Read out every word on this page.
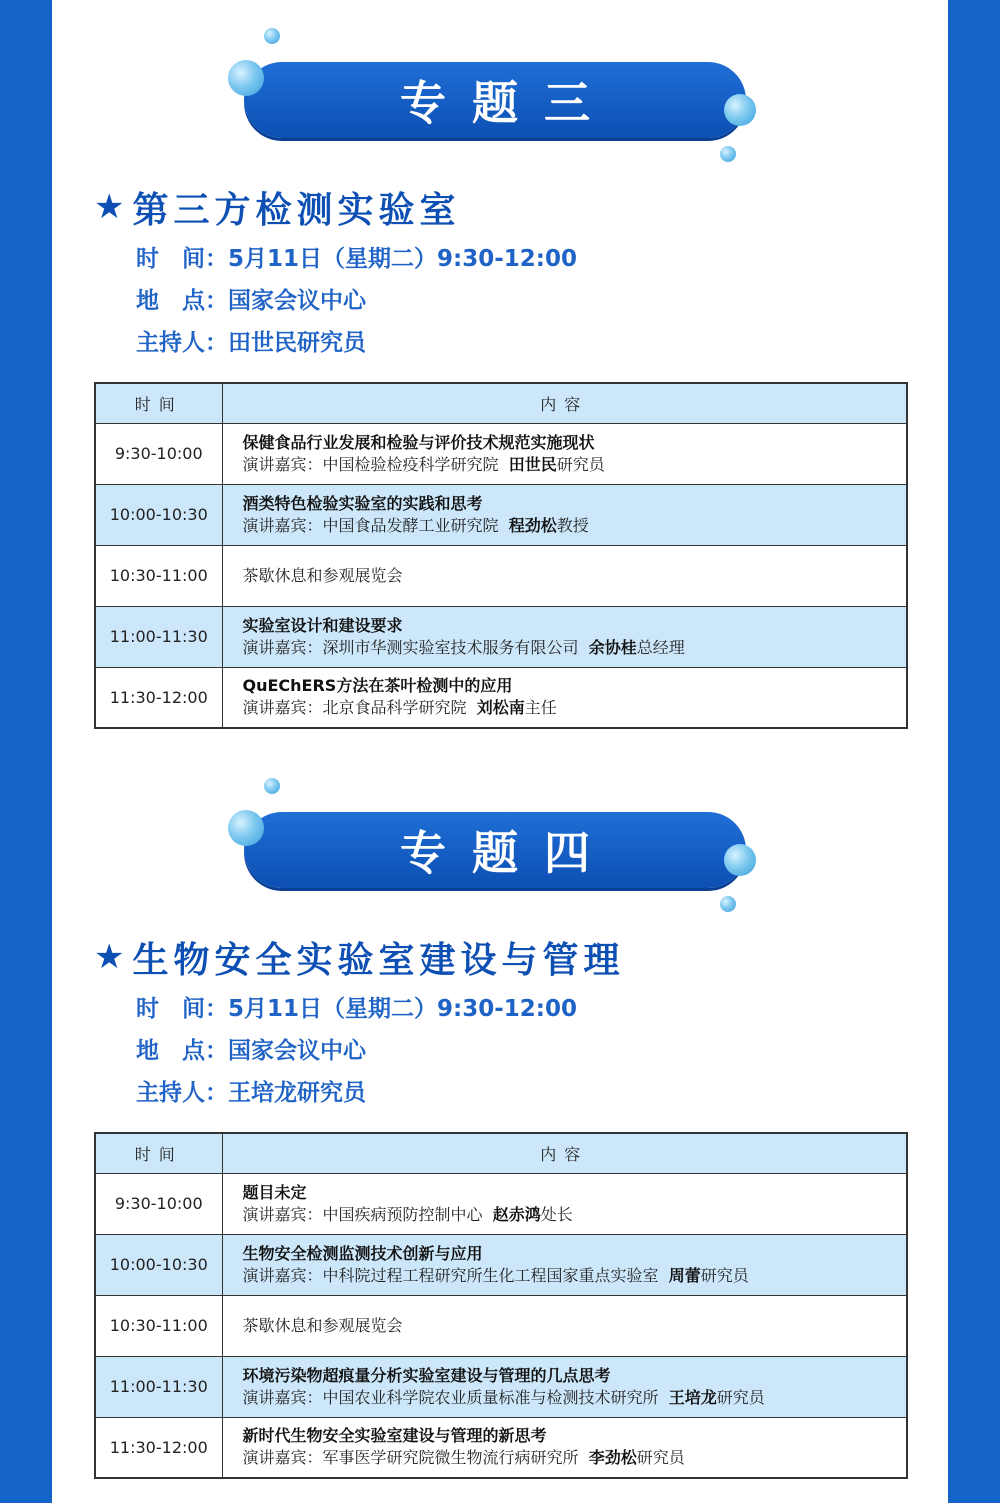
专题三
★ 第三方检测实验室
时　间：5月11日（星期二）9:30-12:00
地　点：国家会议中心
主持人：田世民研究员
时间	内容
9:30-10:00	保健食品行业发展和检验与评价技术规范实施现状
演讲嘉宾：中国检验检疫科学研究院 田世民研究员

10:00-10:30	酒类特色检验实验室的实践和思考
演讲嘉宾：中国食品发酵工业研究院 程劲松教授

10:30-11:00	茶歇休息和参观展览会

11:00-11:30	实验室设计和建设要求
演讲嘉宾：深圳市华测实验室技术服务有限公司 余协桂总经理

11:30-12:00	QuEChERS方法在茶叶检测中的应用
演讲嘉宾：北京食品科学研究院 刘松南主任
专题四
★ 生物安全实验室建设与管理
时　间：5月11日（星期二）9:30-12:00
地　点：国家会议中心
主持人：王培龙研究员
时间	内容
9:30-10:00	题目未定
演讲嘉宾：中国疾病预防控制中心 赵赤鸿处长

10:00-10:30	生物安全检测监测技术创新与应用
演讲嘉宾：中科院过程工程研究所生化工程国家重点实验室 周蕾研究员

10:30-11:00	茶歇休息和参观展览会

11:00-11:30	环境污染物超痕量分析实验室建设与管理的几点思考
演讲嘉宾：中国农业科学院农业质量标准与检测技术研究所 王培龙研究员

11:30-12:00	新时代生物安全实验室建设与管理的新思考
演讲嘉宾：军事医学研究院微生物流行病研究所 李劲松研究员
